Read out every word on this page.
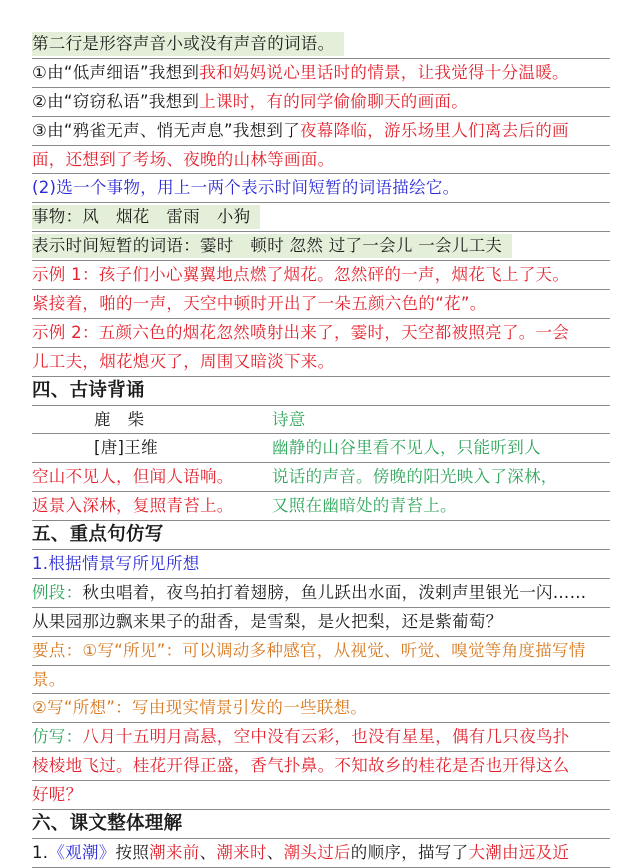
第二行是形容声音小或没有声音的词语。
①由“低声细语”我想到我和妈妈说心里话时的情景，让我觉得十分温暖。
②由“窃窃私语”我想到上课时，有的同学偷偷聊天的画面。
③由“鸦雀无声、悄无声息”我想到了夜幕降临，游乐场里人们离去后的画
面，还想到了考场、夜晚的山林等画面。
(2)选一个事物，用上一两个表示时间短暂的词语描绘它。
事物：风　烟花　雷雨　小狗
表示时间短暂的词语：霎时　顿时 忽然 过了一会儿 一会儿工夫
示例 1：孩子们小心翼翼地点燃了烟花。忽然砰的一声，烟花飞上了天。
紧接着，啪的一声，天空中顿时开出了一朵五颜六色的“花”。
示例 2：五颜六色的烟花忽然喷射出来了，霎时，天空都被照亮了。一会
儿工夫，烟花熄灭了，周围又暗淡下来。
四、古诗背诵
鹿　柴	诗意
[唐]王维	幽静的山谷里看不见人，只能听到人
空山不见人，但闻人语响。 说话的声音。傍晚的阳光映入了深林，
返景入深林，复照青苔上。 又照在幽暗处的青苔上。
五、重点句仿写
1.根据情景写所见所想
例段：秋虫唱着，夜鸟拍打着翅膀，鱼儿跃出水面，泼剌声里银光一闪……
从果园那边飘来果子的甜香，是雪梨，是火把梨，还是紫葡萄？
要点：①写“所见”：可以调动多种感官，从视觉、听觉、嗅觉等角度描写情
景。
②写“所想”：写由现实情景引发的一些联想。
仿写：八月十五明月高悬，空中没有云彩，也没有星星，偶有几只夜鸟扑
棱棱地飞过。桂花开得正盛，香气扑鼻。不知故乡的桂花是否也开得这么
好呢？
六、课文整体理解
1.《观潮》按照潮来前、潮来时、潮头过后的顺序，描写了大潮由远及近
